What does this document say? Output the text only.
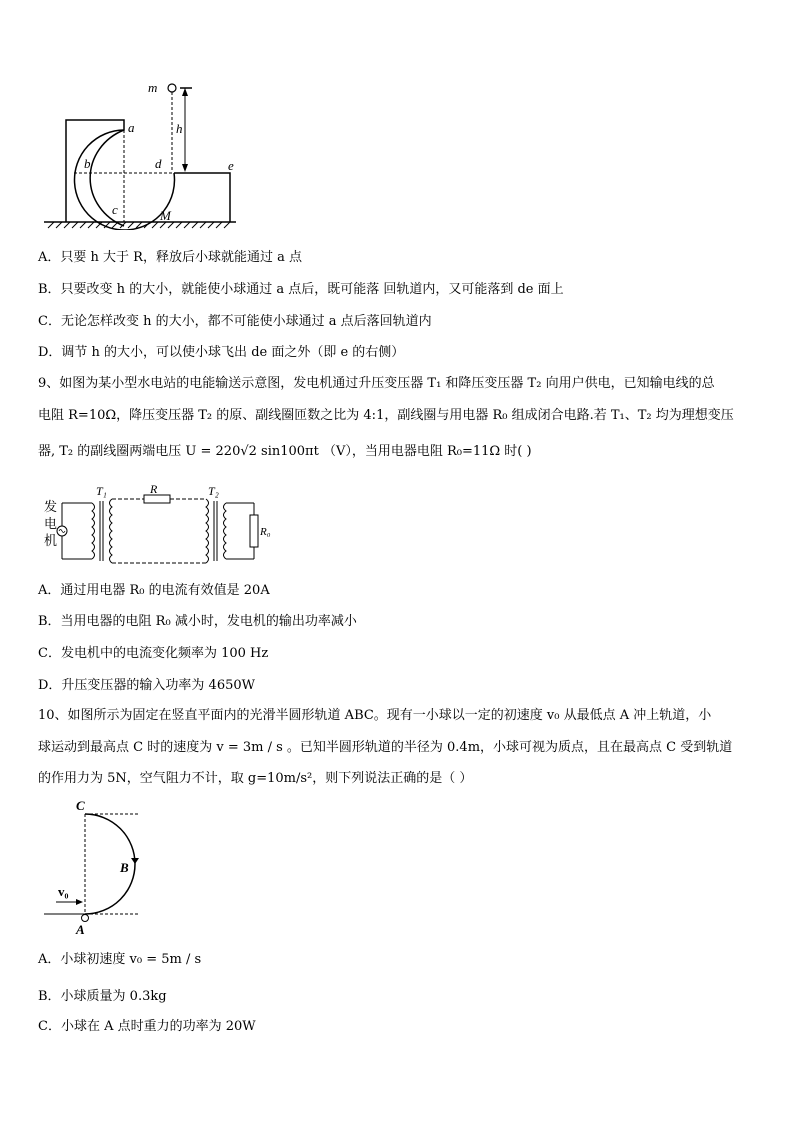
m
h
a
b	d
c
e
M
A．只要 h 大于 R，释放后小球就能通过 a 点
B．只要改变 h 的大小，就能使小球通过 a 点后，既可能落 回轨道内，又可能落到 de 面上
C．无论怎样改变 h 的大小，都不可能使小球通过 a 点后落回轨道内
D．调节 h 的大小，可以使小球飞出 de 面之外（即 e 的右侧）
9、如图为某小型水电站的电能输送示意图，发电机通过升压变压器 T₁ 和降压变压器 T₂ 向用户供电，已知输电线的总
电阻 R=10Ω，降压变压器 T₂ 的原、副线圈匝数之比为 4:1，副线圈与用电器 R₀ 组成闭合电路.若 T₁、T₂ 均为理想变压
器, T₂ 的副线圈两端电压 U = 220√2 sin100πt （V），当用电器电阻 R₀=11Ω 时( )
发
电
机
T₁	R	T₂
R₀
A．通过用电器 R₀ 的电流有效值是 20A
B．当用电器的电阻 R₀ 减小时，发电机的输出功率减小
C．发电机中的电流变化频率为 100 Hz
D．升压变压器的输入功率为 4650W
10、如图所示为固定在竖直平面内的光滑半圆形轨道 ABC。现有一小球以一定的初速度 v₀ 从最低点 A 冲上轨道，小
球运动到最高点 C 时的速度为 v = 3m / s 。已知半圆形轨道的半径为 0.4m，小球可视为质点，且在最高点 C 受到轨道
的作用力为 5N，空气阻力不计，取 g=10m/s²，则下列说法正确的是（ ）
C
B
A
v₀
A．小球初速度 v₀ = 5m / s
B．小球质量为 0.3kg
C．小球在 A 点时重力的功率为 20W
